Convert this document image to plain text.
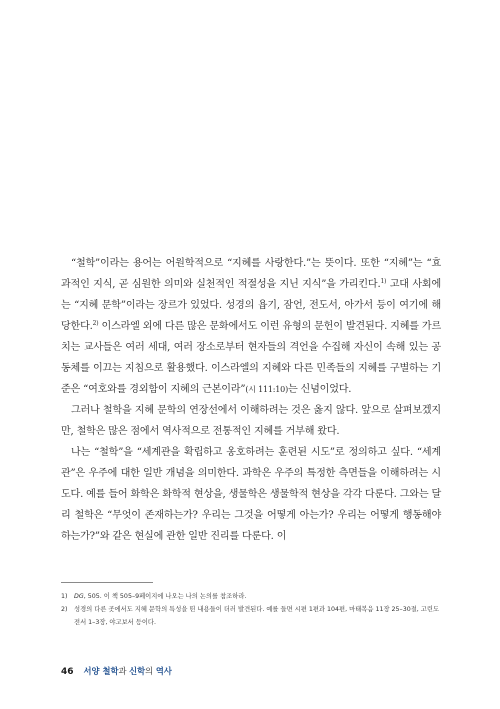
“철학”이라는 용어는 어원학적으로 “지혜를 사랑한다.”는 뜻이다. 또한 “지혜”는 “효과적인 지식, 곧 심원한 의미와 실천적인 적절성을 지닌 지식”을 가리킨다.$^{1)}$ 고대 사회에는 “지혜 문학”이라는 장르가 있었다. 성경의 욥기, 잠언, 전도서, 아가서 등이 여기에 해당한다.$^{2)}$ 이스라엘 외에 다른 많은 문화에서도 이런 유형의 문헌이 발견된다. 지혜를 가르치는 교사들은 여러 세대, 여러 장소로부터 현자들의 격언을 수집해 자신이 속해 있는 공동체를 이끄는 지침으로 활용했다. 이스라엘의 지혜와 다른 민족들의 지혜를 구별하는 기준은 “여호와를 경외함이 지혜의 근본이라”(시 111:10)는 신념이었다.

그러나 철학을 지혜 문학의 연장선에서 이해하려는 것은 옳지 않다. 앞으로 살펴보겠지만, 철학은 많은 점에서 역사적으로 전통적인 지혜를 거부해 왔다.

나는 “철학”을 “세계관을 확립하고 옹호하려는 훈련된 시도”로 정의하고 싶다. “세계관”은 우주에 대한 일반 개념을 의미한다. 과학은 우주의 특정한 측면들을 이해하려는 시도다. 예를 들어 화학은 화학적 현상을, 생물학은 생물학적 현상을 각각 다룬다. 그와는 달리 철학은 “무엇이 존재하는가? 우리는 그것을 어떻게 아는가? 우리는 어떻게 행동해야 하는가?”와 같은 현실에 관한 일반 진리를 다룬다. 이

1)	DG, 505. 이 책 505–9페이지에 나오는 나의 논의를 참조하라.
2)	성경의 다른 곳에서도 지혜 문학의 특성을 띤 내용들이 더러 발견된다. 예를 들면 시편 1편과 104편, 마태복음 11장 25–30절, 고린도전서 1–3장, 야고보서 등이다.
46 서양 철학과 신학의 역사
